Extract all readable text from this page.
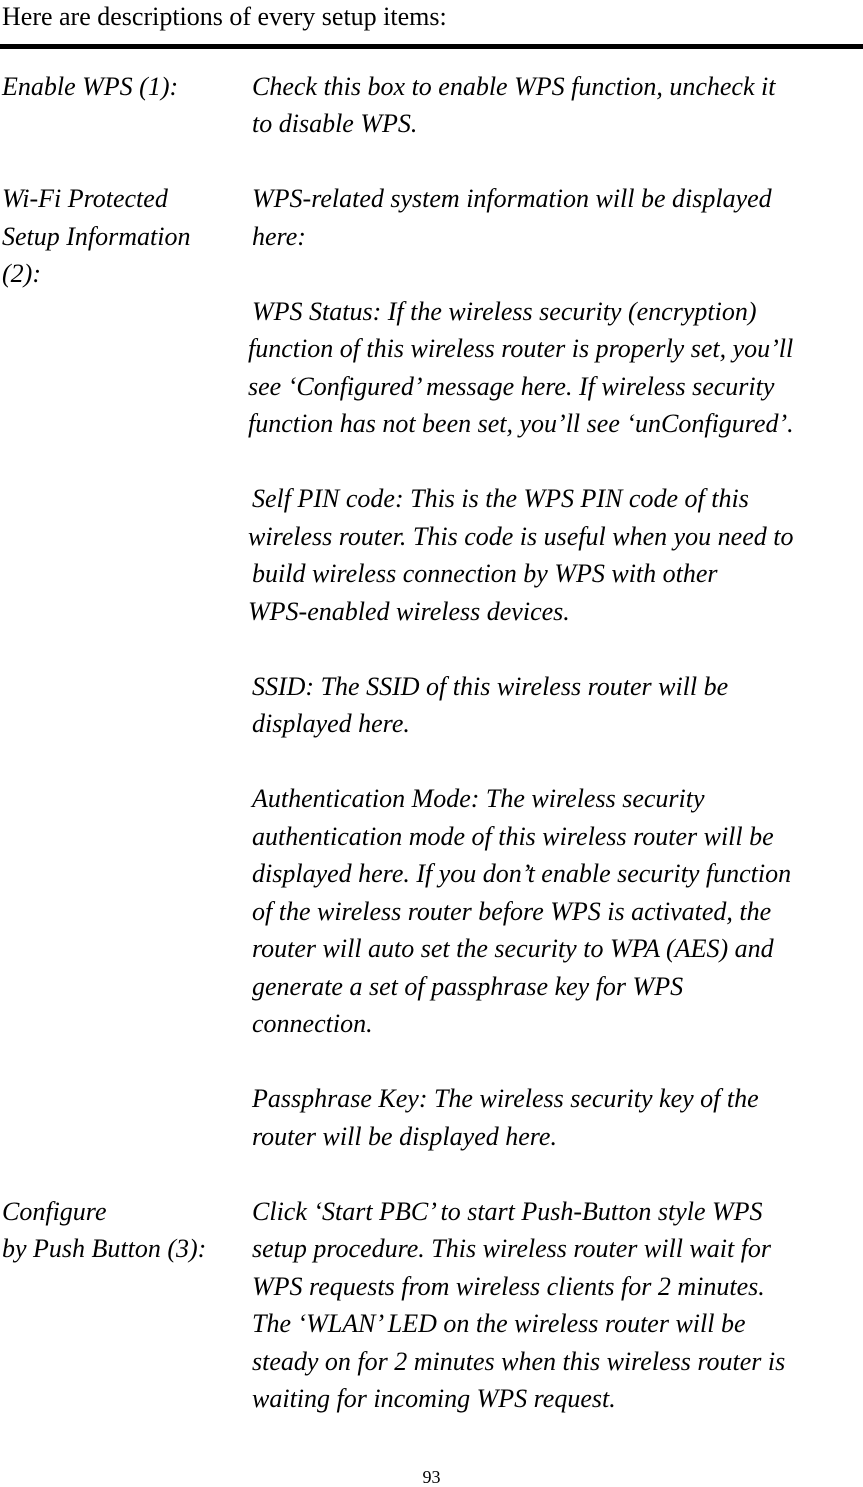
Here are descriptions of every setup items:
Enable WPS (1):	Check this box to enable WPS function, uncheck it
to disable WPS.
Wi-Fi Protected
Setup Information
(2):
WPS-related system information will be displayed
here:
WPS Status: If the wireless security (encryption)
function of this wireless router is properly set, you’ll
see ‘Configured’ message here. If wireless security
function has not been set, you’ll see ‘unConfigured’.
Self PIN code: This is the WPS PIN code of this
wireless router. This code is useful when you need to
build wireless connection by WPS with other
WPS-enabled wireless devices.
SSID: The SSID of this wireless router will be
displayed here.
Authentication Mode: The wireless security
authentication mode of this wireless router will be
displayed here. If you don’t enable security function
of the wireless router before WPS is activated, the
router will auto set the security to WPA (AES) and
generate a set of passphrase key for WPS
connection.
Passphrase Key: The wireless security key of the
router will be displayed here.
Configure
by Push Button (3):
Click ‘Start PBC’ to start Push-Button style WPS
setup procedure. This wireless router will wait for
WPS requests from wireless clients for 2 minutes.
The ‘WLAN’ LED on the wireless router will be
steady on for 2 minutes when this wireless router is
waiting for incoming WPS request.
93
